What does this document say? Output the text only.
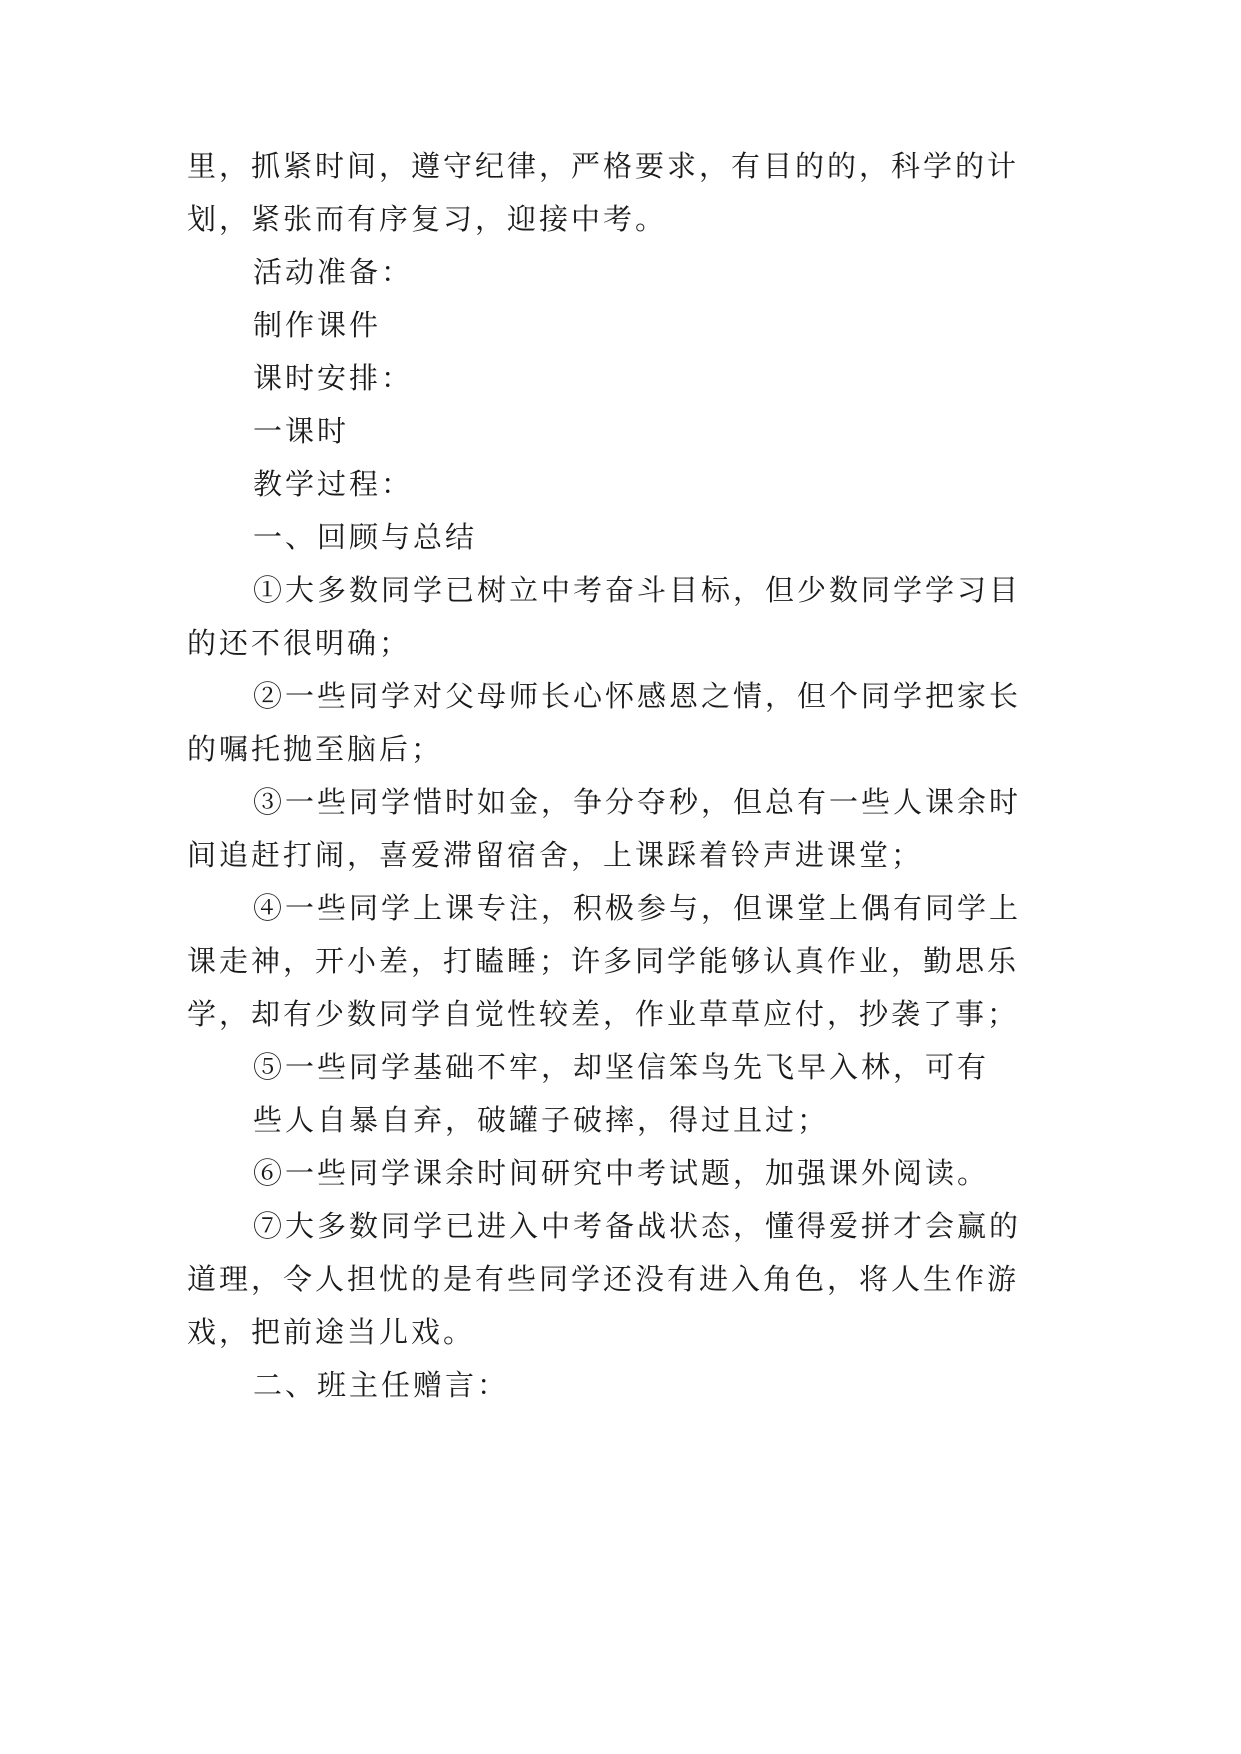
里，抓紧时间，遵守纪律，严格要求，有目的的，科学的计
划，紧张而有序复习，迎接中考。
活动准备：
制作课件
课时安排：
一课时
教学过程：
一、回顾与总结
①大多数同学已树立中考奋斗目标，但少数同学学习目
的还不很明确；
②一些同学对父母师长心怀感恩之情，但个同学把家长
的嘱托抛至脑后；
③一些同学惜时如金，争分夺秒，但总有一些人课余时
间追赶打闹，喜爱滞留宿舍，上课踩着铃声进课堂；
④一些同学上课专注，积极参与，但课堂上偶有同学上
课走神，开小差，打瞌睡；许多同学能够认真作业，勤思乐
学，却有少数同学自觉性较差，作业草草应付，抄袭了事；
⑤一些同学基础不牢，却坚信笨鸟先飞早入林，可有
些人自暴自弃，破罐子破摔，得过且过；
⑥一些同学课余时间研究中考试题，加强课外阅读。
⑦大多数同学已进入中考备战状态，懂得爱拼才会赢的
道理，令人担忧的是有些同学还没有进入角色，将人生作游
戏，把前途当儿戏。
二、班主任赠言：
